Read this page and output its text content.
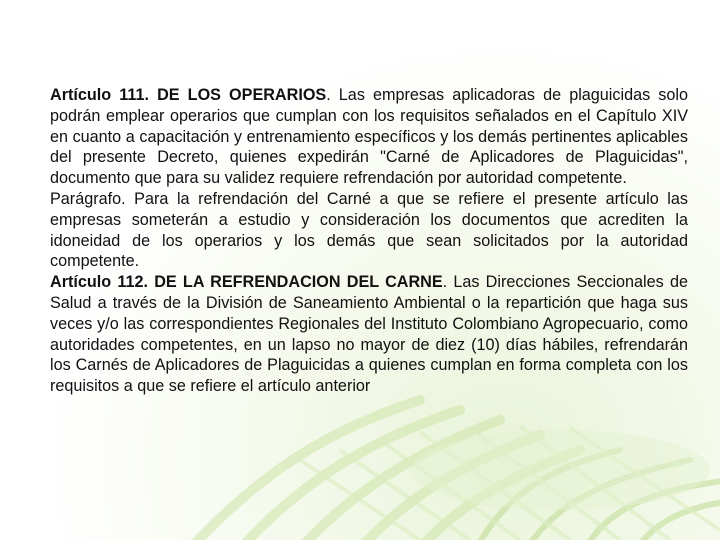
Artículo 111. DE LOS OPERARIOS. Las empresas aplicadoras de plaguicidas solo podrán emplear operarios que cumplan con los requisitos señalados en el Capítulo XIV en cuanto a capacitación y entrenamiento específicos y los demás pertinentes aplicables del presente Decreto, quienes expedirán "Carné de Aplicadores de Plaguicidas", documento que para su validez requiere refrendación por autoridad competente.

Parágrafo. Para la refrendación del Carné a que se refiere el presente artículo las empresas someterán a estudio y consideración los documentos que acrediten la idoneidad de los operarios y los demás que sean solicitados por la autoridad competente.

Artículo 112. DE LA REFRENDACION DEL CARNE. Las Direcciones Seccionales de Salud a través de la División de Saneamiento Ambiental o la repartición que haga sus veces y/o las correspondientes Regionales del Instituto Colombiano Agropecuario, como autoridades competentes, en un lapso no mayor de diez (10) días hábiles, refrendarán los Carnés de Aplicadores de Plaguicidas a quienes cumplan en forma completa con los requisitos a que se refiere el artículo anterior
